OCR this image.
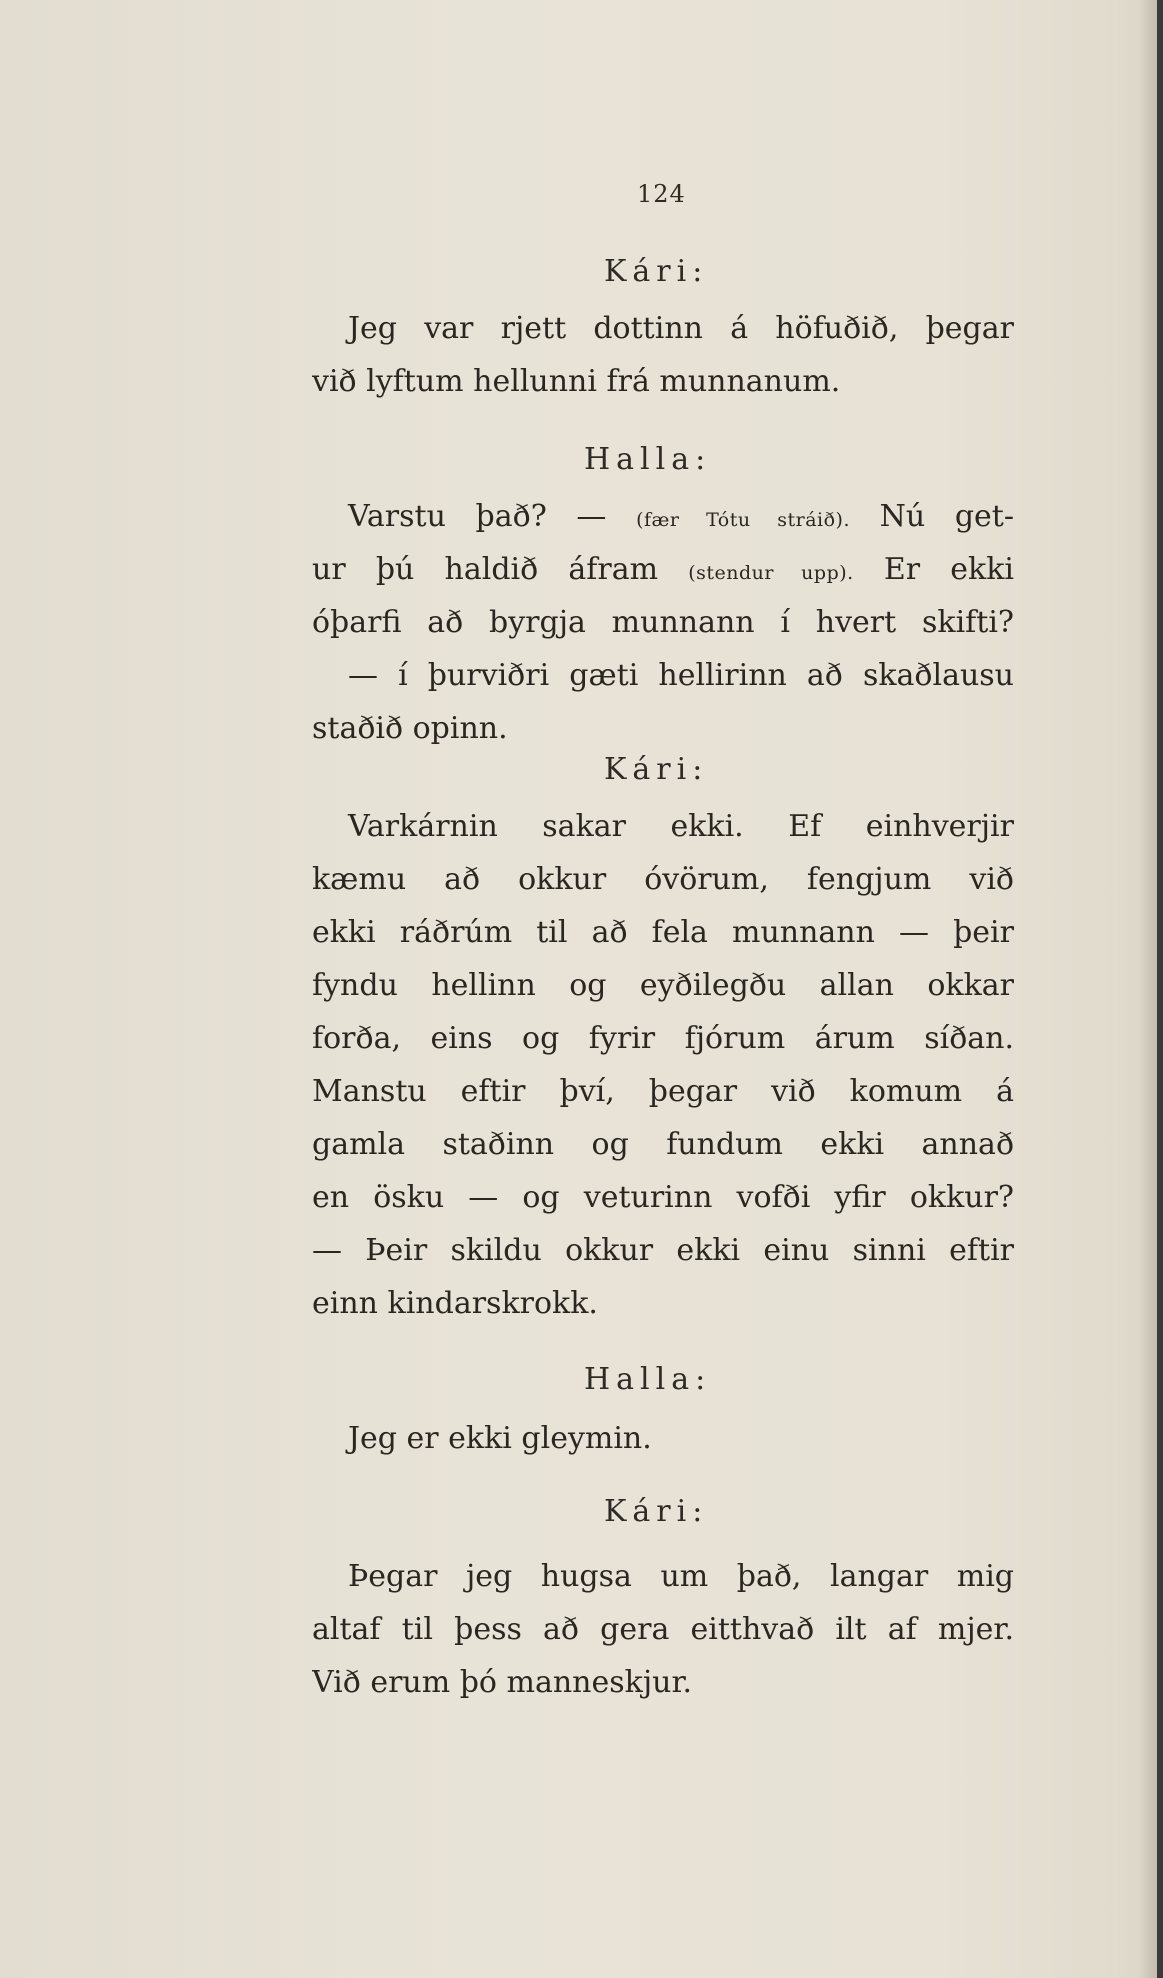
124
Kári:
Jeg var rjett dottinn á höfuðið, þegar
við lyftum hellunni frá munnanum.
Halla:
Varstu það? — (fær Tótu stráið). Nú get-
ur þú haldið áfram (stendur upp). Er ekki
óþarfi að byrgja munnann í hvert skifti?
— í þurviðri gæti hellirinn að skaðlausu
staðið opinn.
Kári:
Varkárnin sakar ekki. Ef einhverjir
kæmu að okkur óvörum, fengjum við
ekki ráðrúm til að fela munnann — þeir
fyndu hellinn og eyðilegðu allan okkar
forða, eins og fyrir fjórum árum síðan.
Manstu eftir því, þegar við komum á
gamla staðinn og fundum ekki annað
en ösku — og veturinn vofði yfir okkur?
— Þeir skildu okkur ekki einu sinni eftir
einn kindarskrokk.
Halla:
Jeg er ekki gleymin.
Kári:
Þegar jeg hugsa um það, langar mig
altaf til þess að gera eitthvað ilt af mjer.
Við erum þó manneskjur.
